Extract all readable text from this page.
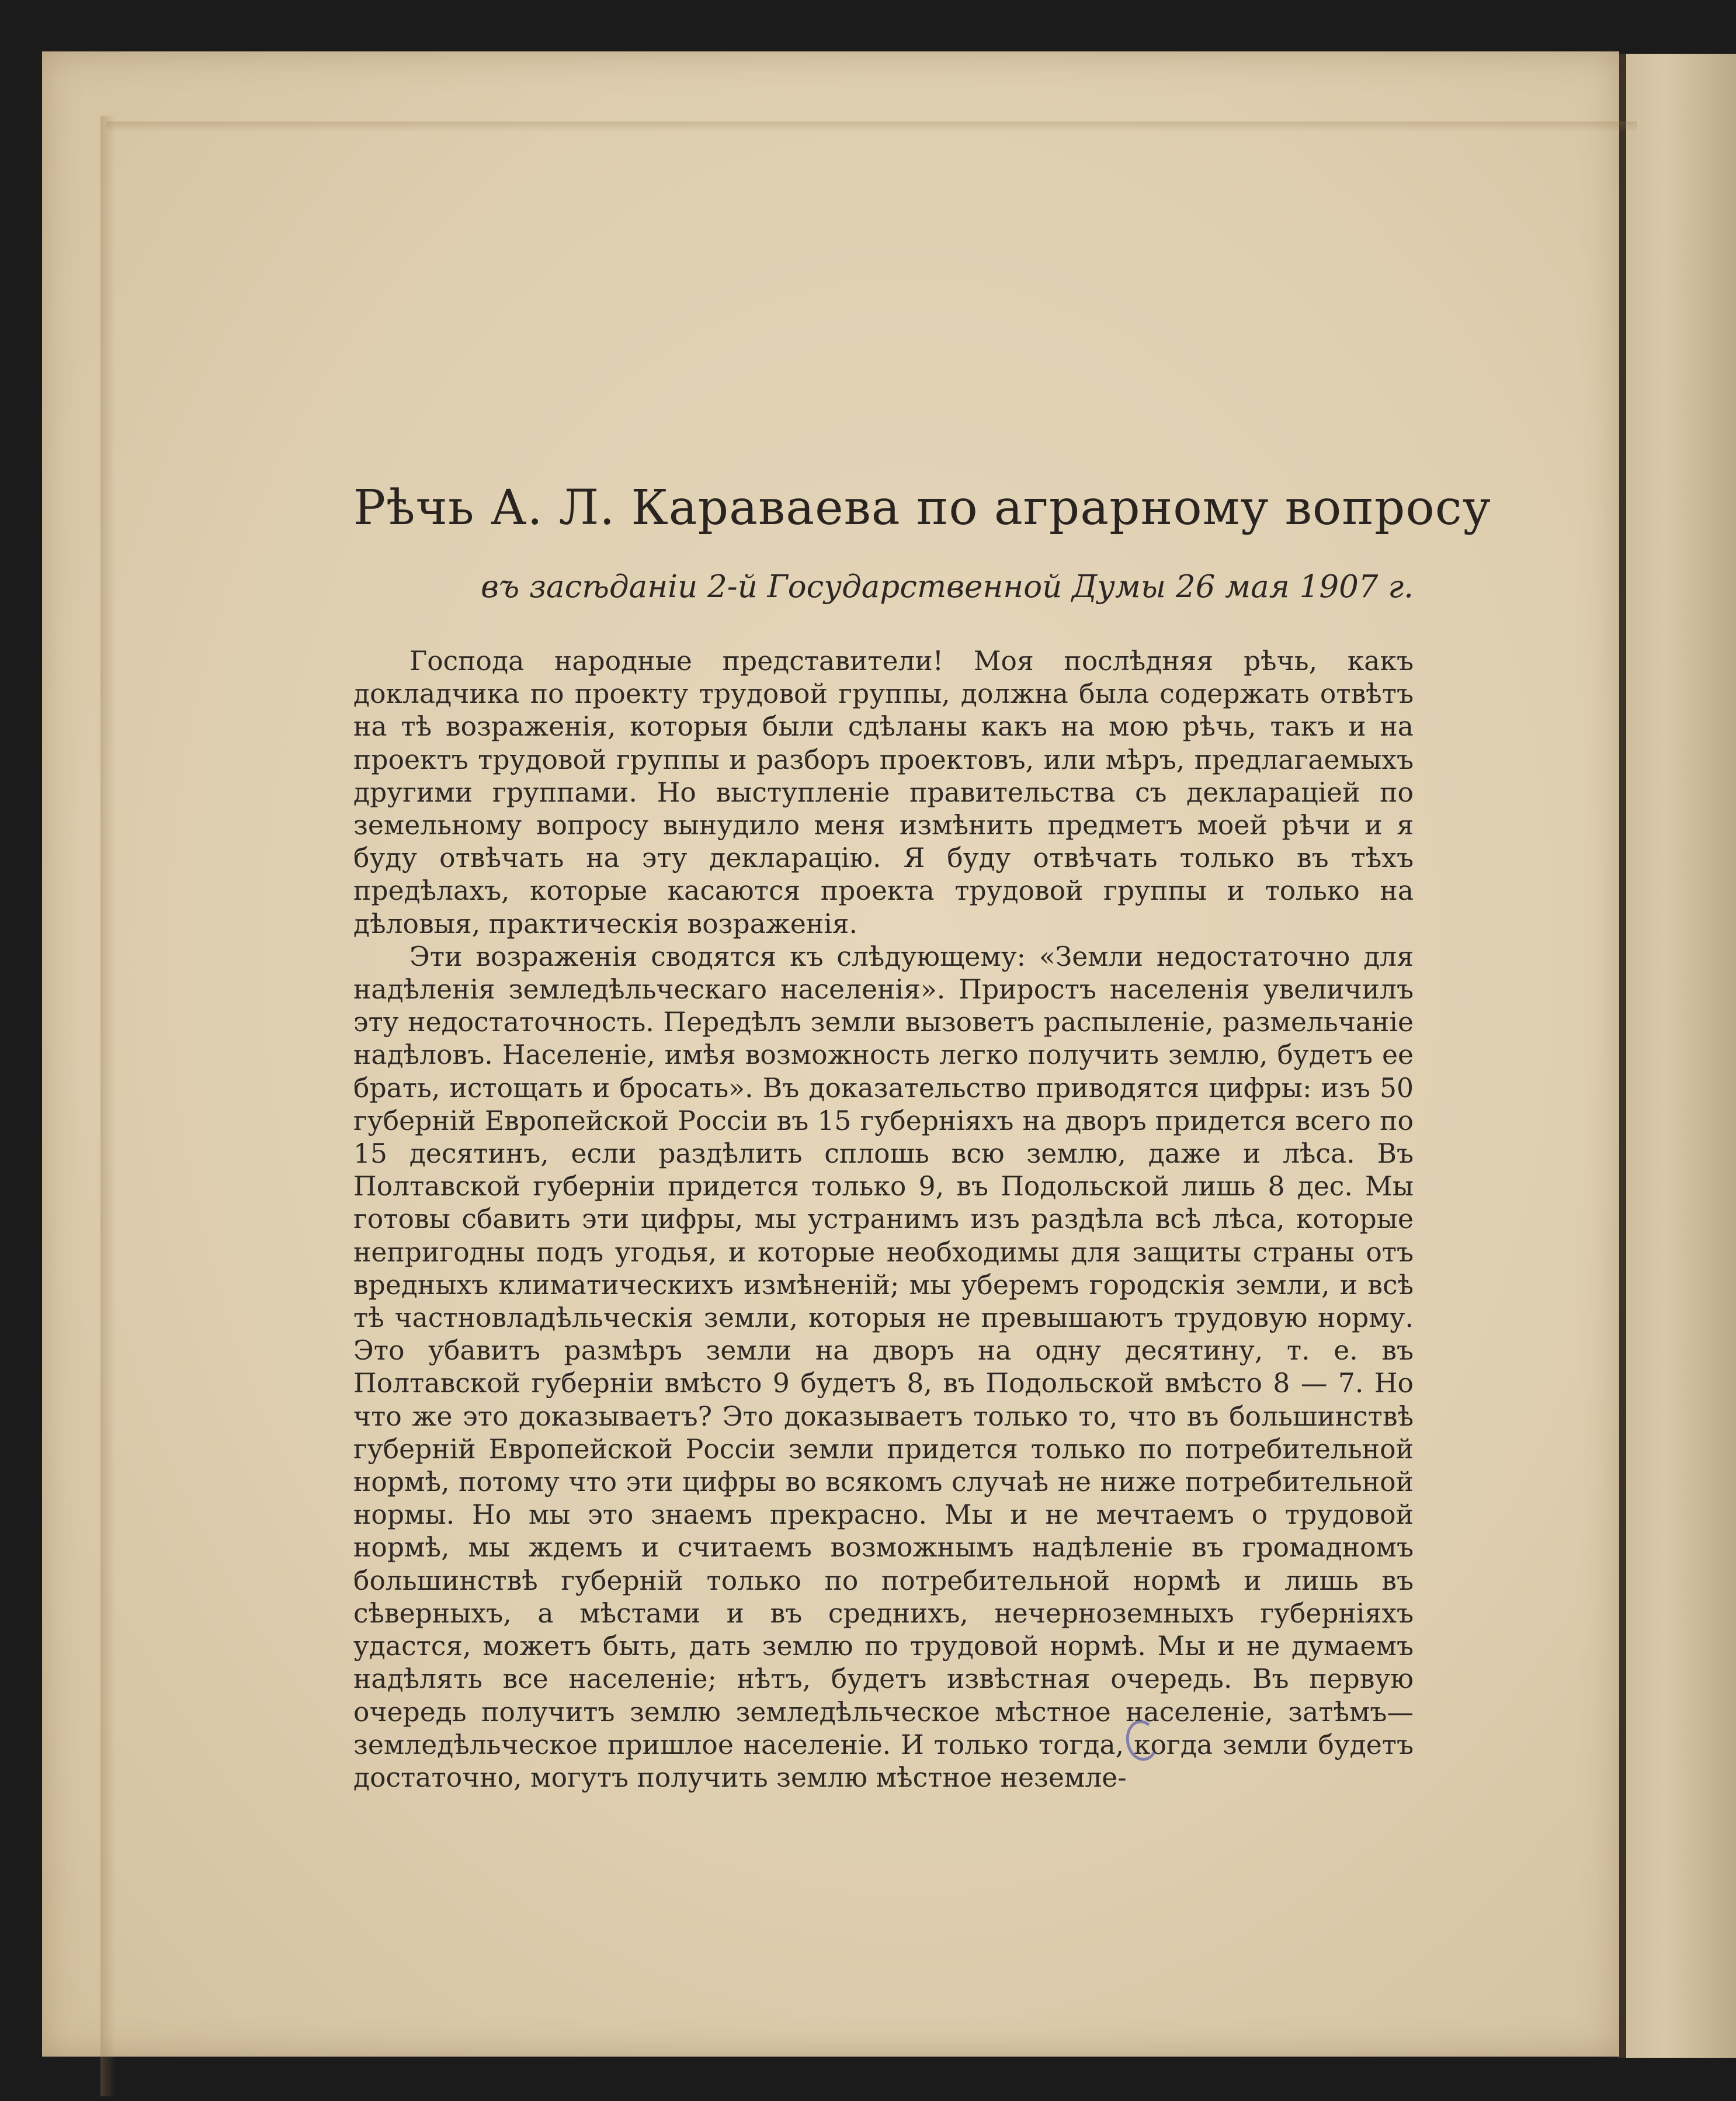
Рѣчь А. Л. Караваева по аграрному вопросу
въ засѣданіи 2-й Государственной Думы 26 мая 1907 г.

Господа народные представители! Моя послѣдняя рѣчь, какъ докладчика по проекту трудовой группы, должна была содержать отвѣтъ на тѣ возраженія, которыя были сдѣланы какъ на мою рѣчь, такъ и на проектъ трудовой группы и разборъ проектовъ, или мѣръ, предлагаемыхъ другими группами. Но выступленіе правительства съ декларацiей по земельному вопросу вынудило меня измѣнить предметъ моей рѣчи и я буду отвѣчать на эту декларацію. Я буду отвѣчать только въ тѣхъ предѣлахъ, которые касаются проекта трудовой группы и только на дѣловыя, практическія возраженія.

Эти возраженія сводятся къ слѣдующему: «Земли недостаточно для надѣленія земледѣльческаго населенія». Приростъ населенія увеличилъ эту недостаточность. Передѣлъ земли вызоветъ распыленіе, размельчаніе надѣловъ. Населеніе, имѣя возможность легко получить землю, будетъ ее брать, истощать и бросать». Въ доказательство приводятся цифры: изъ 50 губерній Европейской Россіи въ 15 губерніяхъ на дворъ придется всего по 15 десятинъ, если раздѣлить сплошь всю землю, даже и лѣса. Въ Полтавской губерніи придется только 9, въ Подольской лишь 8 дес. Мы готовы сбавить эти цифры, мы устранимъ изъ раздѣла всѣ лѣса, которые непригодны подъ угодья, и которые необходимы для защиты страны отъ вредныхъ климатическихъ измѣненій; мы уберемъ городскія земли, и всѣ тѣ частновладѣльческія земли, которыя не превышаютъ трудовую норму. Это убавитъ размѣръ земли на дворъ на одну десятину, т. е. въ Полтавской губерніи вмѣсто 9 будетъ 8, въ Подольской вмѣсто 8 — 7. Но что же это доказываетъ? Это доказываетъ только то, что въ большинствѣ губерній Европейской Россіи земли придется только по потребительной нормѣ, потому что эти цифры во всякомъ случаѣ не ниже потребительной нормы. Но мы это знаемъ прекрасно. Мы и не мечтаемъ о трудовой нормѣ, мы ждемъ и считаемъ возможнымъ надѣленіе въ громадномъ большинствѣ губерній только по потребительной нормѣ и лишь въ сѣверныхъ, а мѣстами и въ среднихъ, нечерноземныхъ губерніяхъ удастся, можетъ быть, дать землю по трудовой нормѣ. Мы и не думаемъ надѣлять все населеніе; нѣтъ, будетъ извѣстная очередь. Въ первую очередь получитъ землю земледѣльческое мѣстное населеніе, затѣмъ—земледѣльческое пришлое населеніе. И только тогда, когда земли будетъ достаточно, могутъ получить землю мѣстное неземле-
